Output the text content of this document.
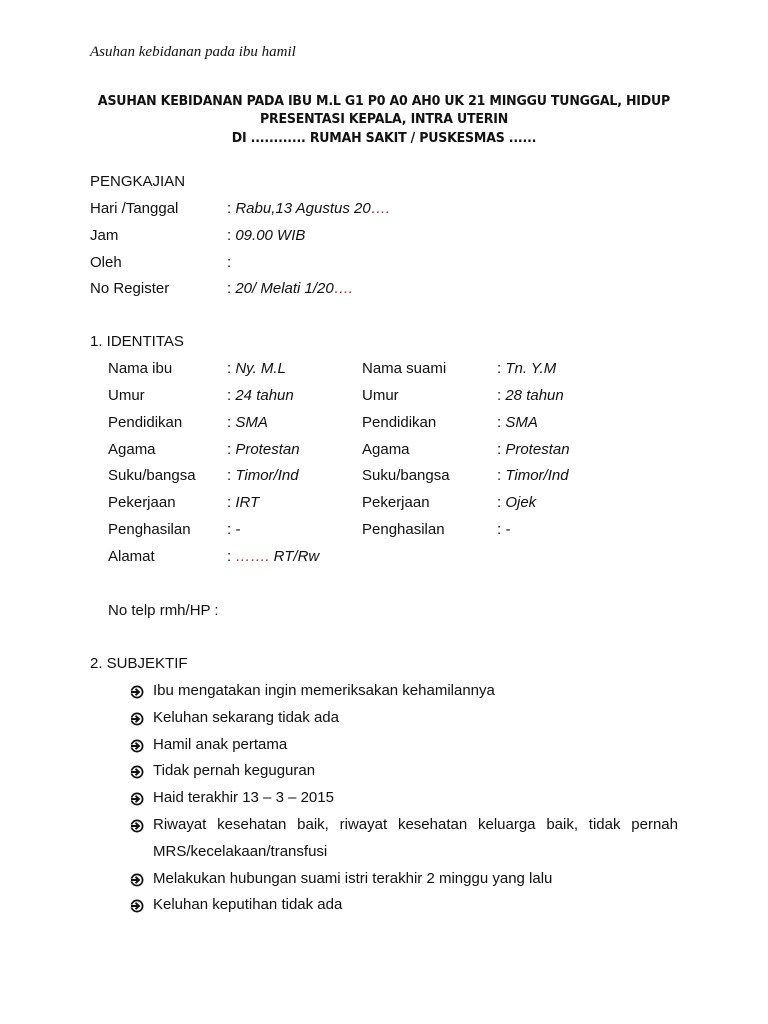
Asuhan kebidanan pada ibu hamil
ASUHAN KEBIDANAN PADA IBU M.L G1 P0 A0 AH0 UK 21 MINGGU TUNGGAL, HIDUP
PRESENTASI KEPALA, INTRA UTERIN
DI ............ RUMAH SAKIT / PUSKESMAS ......
PENGKAJIAN
Hari /Tanggal	: Rabu,13 Agustus 20….
Jam	: 09.00 WIB
Oleh	:
No Register	: 20/ Melati 1/20….
1. IDENTITAS
Nama ibu	: Ny. M.L	Nama suami	: Tn. Y.M
Umur	: 24 tahun	Umur	: 28 tahun
Pendidikan	: SMA	Pendidikan	: SMA
Agama	: Protestan	Agama	: Protestan
Suku/bangsa : Timor/Ind	Suku/bangsa	: Timor/Ind
Pekerjaan	: IRT	Pekerjaan	: Ojek
Penghasilan : -	Penghasilan	: -
Alamat	: ……. RT/Rw
No telp rmh/HP :
2. SUBJEKTIF
Ibu mengatakan ingin memeriksakan kehamilannya
Keluhan sekarang tidak ada
Hamil anak pertama
Tidak pernah keguguran
Haid terakhir 13 – 3 – 2015
Riwayat kesehatan baik, riwayat kesehatan keluarga baik, tidak pernah
MRS/kecelakaan/transfusi
Melakukan hubungan suami istri terakhir 2 minggu yang lalu
Keluhan keputihan tidak ada
